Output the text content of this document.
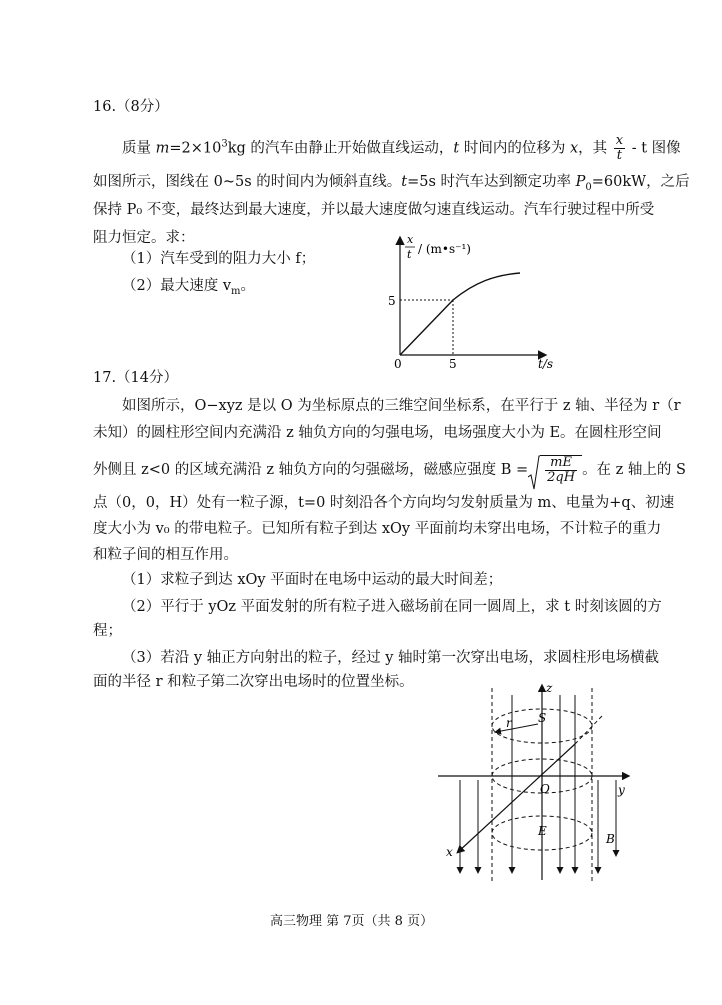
16.（8分）
质量 $m=2\times 10^3kg$ 的汽车由静止开始做直线运动，t 时间内的位移为 x，其 $\frac{x}{t}$ - t 图像
如图所示，图线在 0~5s 的时间内为倾斜直线。t=5s 时汽车达到额定功率 $P_0=60kW$，之后
保持 P₀ 不变，最终达到最大速度，并以最大速度做匀速直线运动。汽车行驶过程中所受
阻力恒定。求：
（1）汽车受到的阻力大小 f；
（2）最大速度 $v_m$。
x
t / (m•s⁻¹)
5
5
0	t/s
17.（14分）
如图所示，O−xyz 是以 O 为坐标原点的三维空间坐标系，在平行于 z 轴、半径为 r（r
未知）的圆柱形空间内充满沿 z 轴负方向的匀强电场，电场强度大小为 E。在圆柱形空间
外侧且 z<0 的区域充满沿 z 轴负方向的匀强磁场，磁感应强度 $B = \frac{mE}{2qH}$ 。在 z 轴上的 S
点（0，0，H）处有一粒子源，t=0 时刻沿各个方向均匀发射质量为 m、电量为+q、初速
度大小为 v₀ 的带电粒子。已知所有粒子到达 xOy 平面前均未穿出电场，不计粒子的重力
和粒子间的相互作用。
（1）求粒子到达 xOy 平面时在电场中运动的最大时间差；
（2）平行于 yOz 平面发射的所有粒子进入磁场前在同一圆周上，求 t 时刻该圆的方
程；
（3）若沿 y 轴正方向射出的粒子，经过 y 轴时第一次穿出电场，求圆柱形电场横截
面的半径 r 和粒子第二次穿出电场时的位置坐标。	z
y
x
O
S
r
E
B
高三物理 第 7页（共 8 页）
